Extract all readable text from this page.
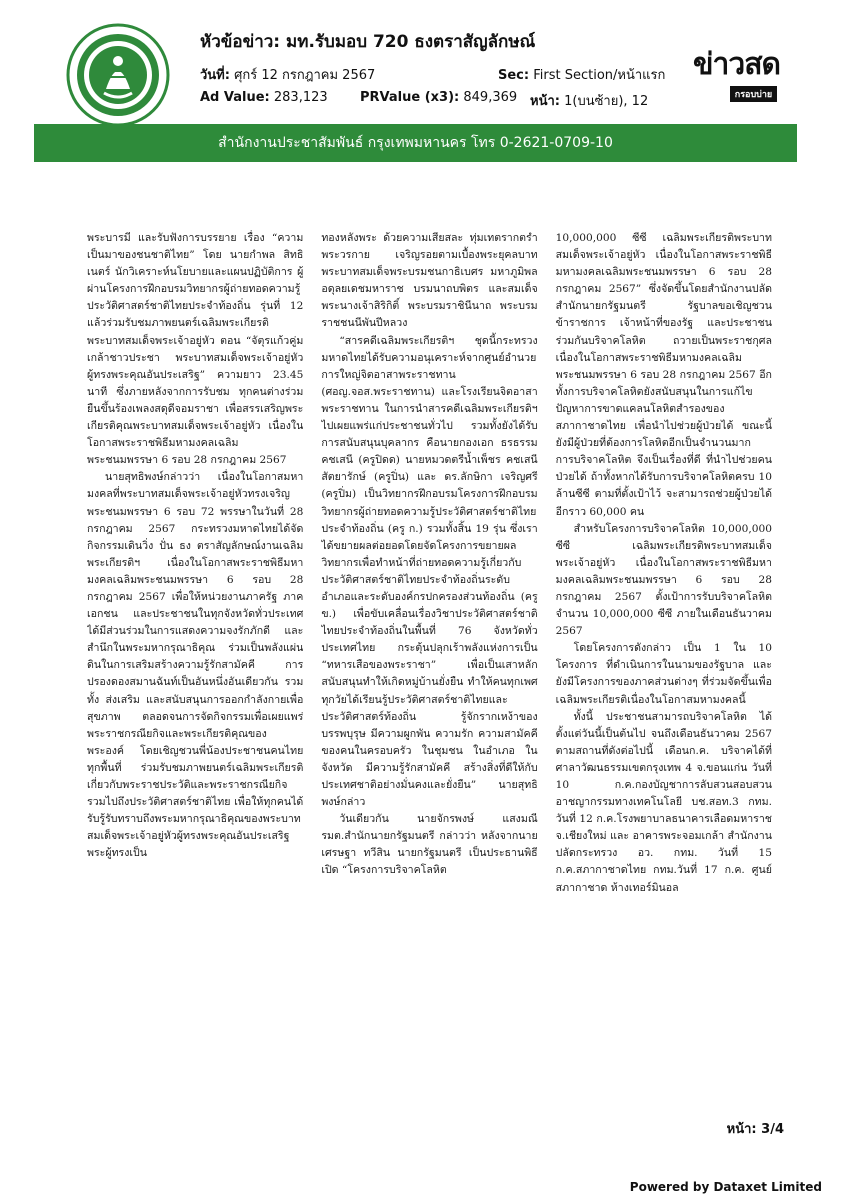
หัวข้อข่าว: มท.รับมอบ 720 ธงตราสัญลักษณ์
วันที่: ศุกร์ 12 กรกฎาคม 2567	Sec: First Section/หน้าแรก
Ad Value: 283,123 PRValue (x3): 849,369 หน้า: 1(บนซ้าย), 12
ข่าวสด
กรอบบ่าย
สำนักงานประชาสัมพันธ์ กรุงเทพมหานคร โทร 0-2621-0709-10

พระบารมี และรับฟังการบรรยาย เรื่อง “ความเป็นมาของชนชาติไทย” โดย นายกำพล สิทธิเนตร์ นักวิเคราะห์นโยบายและแผนปฏิบัติการ ผู้ผ่านโครงการฝึกอบรมวิทยากรผู้ถ่ายทอดความรู้ประวัติศาสตร์ชาติไทยประจำท้องถิ่น รุ่นที่ 12 แล้วร่วมรับชมภาพยนตร์เฉลิมพระเกียรติ พระบาทสมเด็จพระเจ้าอยู่หัว ตอน “จัตุรแก้วคู่มเกล้าชาวประชา พระบาทสมเด็จพระเจ้าอยู่หัวผู้ทรงพระคุณอันประเสริฐ” ความยาว 23.45 นาที ซึ่งภายหลังจากการรับชม ทุกคนต่างร่วมยืนขึ้นร้องเพลงสดุดีจอมราชา เพื่อสรรเสริญพระเกียรติคุณพระบาทสมเด็จพระเจ้าอยู่หัว เนื่องในโอกาสพระราชพิธีมหามงคลเฉลิมพระชนมพรรษา 6 รอบ 28 กรกฎาคม 2567

นายสุทธิพงษ์กล่าวว่า เนื่องในโอกาสมหามงคลที่พระบาทสมเด็จพระเจ้าอยู่หัวทรงเจริญพระชนมพรรษา 6 รอบ 72 พรรษาในวันที่ 28 กรกฎาคม 2567 กระทรวงมหาดไทยได้จัดกิจกรรมเดินวิ่ง ปั่น ธง ตราสัญลักษณ์งานเฉลิมพระเกียรติฯ เนื่องในโอกาสพระราชพิธีมหามงคลเฉลิมพระชนมพรรษา 6 รอบ 28 กรกฎาคม 2567 เพื่อให้หน่วยงานภาครัฐ ภาคเอกชน และประชาชนในทุกจังหวัดทั่วประเทศ ได้มีส่วนร่วมในการแสดงความจงรักภักดี และสำนึกในพระมหากรุณาธิคุณ ร่วมเป็นพลังแผ่นดินในการเสริมสร้างความรู้รักสามัคคี การปรองดองสมานฉันท์เป็นอันหนึ่งอันเดียวกัน รวมทั้ง ส่งเสริม และสนับสนุนการออกกำลังกายเพื่อสุขภาพ ตลอดจนการจัดกิจกรรมเพื่อเผยแพร่พระราชกรณียกิจและพระเกียรติคุณของพระองค์ โดยเชิญชวนพี่น้องประชาชนคนไทยทุกพื้นที่ ร่วมรับชมภาพยนตร์เฉลิมพระเกียรติเกี่ยวกับพระราชประวัติและพระราชกรณียกิจรวมไปถึงประวัติศาสตร์ชาติไทย เพื่อให้ทุกคนได้รับรู้รับทราบถึงพระมหากรุณาธิคุณของพระบาทสมเด็จพระเจ้าอยู่หัวผู้ทรงพระคุณอันประเสริฐ พระผู้ทรงเป็น

ทองหลังพระ ด้วยความเสียสละ ทุ่มเทตรากตรำพระวรกาย เจริญรอยตามเบื้องพระยุคลบาท พระบาทสมเด็จพระบรมชนกาธิเบศร มหาภูมิพลอดุลยเดชมหาราช บรมนาถบพิตร และสมเด็จพระนางเจ้าสิริกิติ์ พระบรมราชินีนาถ พระบรมราชชนนีพันปีหลวง

“สารคดีเฉลิมพระเกียรติฯ ชุดนี้กระทรวงมหาดไทยได้รับความอนุเคราะห์จากศูนย์อำนวยการใหญ่จิตอาสาพระราชทาน (ศอญ.จอส.พระราชทาน) และโรงเรียนจิตอาสาพระราชทาน ในการนำสารคดีเฉลิมพระเกียรติฯ ไปเผยแพร่แก่ประชาชนทั่วไป รวมทั้งยังได้รับการสนับสนุนบุคลากร คือนายกองเอก ธรธรรม คชเสนี (ครูปิดด) นายหมวดตรีน้ำเพ็ชร คชเสนี สัตยารักษ์ (ครูปิ่น) และ ดร.ลักษิกา เจริญศรี (ครูปิ่ม) เป็นวิทยากรฝึกอบรมโครงการฝึกอบรมวิทยากรผู้ถ่ายทอดความรู้ประวัติศาสตร์ชาติไทยประจำท้องถิ่น (ครู ก.) รวมทั้งสิ้น 19 รุ่น ซึ่งเราได้ขยายผลต่อยอดโดยจัดโครงการขยายผลวิทยากรเพื่อทำหน้าที่ถ่ายทอดความรู้เกี่ยวกับประวัติศาสตร์ชาติไทยประจำท้องถิ่นระดับอำเภอและระดับองค์กรปกครองส่วนท้องถิ่น (ครู ข.) เพื่อขับเคลื่อนเรื่องวิชาประวัติศาสตร์ชาติไทยประจำท้องถิ่นในพื้นที่ 76 จังหวัดทั่วประเทศไทย กระตุ้นปลุกเร้าพลังแห่งการเป็น “ทหารเสือของพระราชา” เพื่อเป็นเสาหลักสนับสนุนทำให้เกิดหมู่บ้านยั่งยืน ทำให้คนทุกเพศทุกวัยได้เรียนรู้ประวัติศาสตร์ชาติไทยและประวัติศาสตร์ท้องถิ่น รู้จักรากเหง้าของบรรพบุรุษ มีความผูกพัน ความรัก ความสามัคคีของคนในครอบครัว ในชุมชน ในอำเภอ ในจังหวัด มีความรู้รักสามัคคี สร้างสิ่งที่ดีให้กับประเทศชาติอย่างมั่นคงและยั่งยืน” นายสุทธิพงษ์กล่าว

วันเดียวกัน นายจักรพงษ์ แสงมณี รมต.สำนักนายกรัฐมนตรี กล่าวว่า หลังจากนายเศรษฐา ทวีสิน นายกรัฐมนตรี เป็นประธานพิธีเปิด “โครงการบริจาคโลหิต

10,000,000 ซีซี เฉลิมพระเกียรติพระบาทสมเด็จพระเจ้าอยู่หัว เนื่องในโอกาสพระราชพิธีมหามงคลเฉลิมพระชนมพรรษา 6 รอบ 28 กรกฎาคม 2567” ซึ่งจัดขึ้นโดยสำนักงานปลัดสำนักนายกรัฐมนตรี รัฐบาลขอเชิญชวนข้าราชการ เจ้าหน้าที่ของรัฐ และประชาชน ร่วมกันบริจาคโลหิต ถวายเป็นพระราชกุศล เนื่องในโอกาสพระราชพิธีมหามงคลเฉลิมพระชนมพรรษา 6 รอบ 28 กรกฎาคม 2567 อีกทั้งการบริจาคโลหิตยังสนับสนุนในการแก้ไขปัญหาการขาดแคลนโลหิตสำรองของสภากาชาดไทย เพื่อนำไปช่วยผู้ป่วยได้ ขณะนี้ยังมีผู้ป่วยที่ต้องการโลหิตอีกเป็นจำนวนมาก การบริจาคโลหิต จึงเป็นเรื่องที่ดี ที่นำไปช่วยคนป่วยได้ ถ้าทั้งหากได้รับการบริจาคโลหิตครบ 10 ล้านซีซี ตามที่ตั้งเป้าไว้ จะสามารถช่วยผู้ป่วยได้อีกราว 60,000 คน

สำหรับโครงการบริจาคโลหิต 10,000,000 ซีซี เฉลิมพระเกียรติพระบาทสมเด็จพระเจ้าอยู่หัว เนื่องในโอกาสพระราชพิธีมหามงคลเฉลิมพระชนมพรรษา 6 รอบ 28 กรกฎาคม 2567 ตั้งเป้าการรับบริจาคโลหิตจำนวน 10,000,000 ซีซี ภายในเดือนธันวาคม 2567

โดยโครงการดังกล่าว เป็น 1 ใน 10 โครงการ ที่ดำเนินการในนามของรัฐบาล และยังมีโครงการของภาคส่วนต่างๆ ที่ร่วมจัดขึ้นเพื่อเฉลิมพระเกียรติเนื่องในโอกาสมหามงคลนี้

ทั้งนี้ ประชาชนสามารถบริจาคโลหิต ได้ตั้งแต่วันนี้เป็นต้นไป จนถึงเดือนธันวาคม 2567 ตามสถานที่ดังต่อไปนี้ เดือนก.ค. บริจาคได้ที่ศาลาวัฒนธรรมเขตกรุงเทพ 4 จ.ขอนแก่น วันที่ 10 ก.ค.กองบัญชาการลับสวนสอบสวนอาชญากรรมทางเทคโนโลยี บช.สอท.3 กทม. วันที่ 12 ก.ค.โรงพยาบาลธนาคารเลือดมหาราช จ.เชียงใหม่ และ อาคารพระจอมเกล้า สำนักงานปลัดกระทรวง อว. กทม. วันที่ 15 ก.ค.สภากาชาดไทย กทม.วันที่ 17 ก.ค. ศูนย์สภากาชาด ห้างเทอร์มินอล

หน้า: 3/4
Powered by Dataxet Limited
